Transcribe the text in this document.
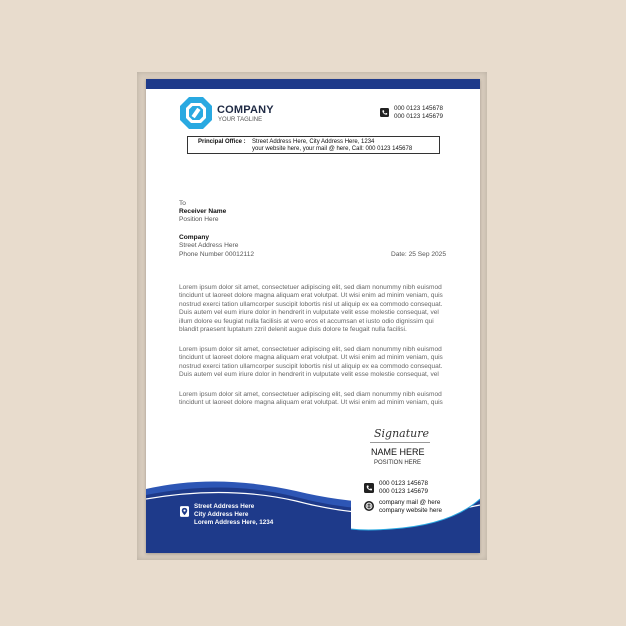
COMPANY
YOUR TAGLINE
000 0123 145678
000 0123 145679
Principal Office : Street Address Here, City Address Here, 1234
your website here, your mail @ here, Call: 000 0123 145678
To
Receiver Name
Position Here
Company
Street Address Here
Phone Number 00012112	Date: 25 Sep 2025
Lorem ipsum dolor sit amet, consectetuer adipiscing elit, sed diam nonummy nibh euismod
tincidunt ut laoreet dolore magna aliquam erat volutpat. Ut wisi enim ad minim veniam, quis
nostrud exerci tation ullamcorper suscipit lobortis nisl ut aliquip ex ea commodo consequat.
Duis autem vel eum iriure dolor in hendrerit in vulputate velit esse molestie consequat, vel
illum dolore eu feugiat nulla facilisis at vero eros et accumsan et iusto odio dignissim qui
blandit praesent luptatum zzril delenit augue duis dolore te feugait nulla facilisi.
Lorem ipsum dolor sit amet, consectetuer adipiscing elit, sed diam nonummy nibh euismod
tincidunt ut laoreet dolore magna aliquam erat volutpat. Ut wisi enim ad minim veniam, quis
nostrud exerci tation ullamcorper suscipit lobortis nisl ut aliquip ex ea commodo consequat.
Duis autem vel eum iriure dolor in hendrerit in vulputate velit esse molestie consequat, vel
Lorem ipsum dolor sit amet, consectetuer adipiscing elit, sed diam nonummy nibh euismod
tincidunt ut laoreet dolore magna aliquam erat volutpat. Ut wisi enim ad minim veniam, quis
Signature
NAME HERE
POSITION HERE
Street Address Here
City Address Here
Lorem Address Here, 1234
000 0123 145678
000 0123 145679
company mail @ here
company website here
